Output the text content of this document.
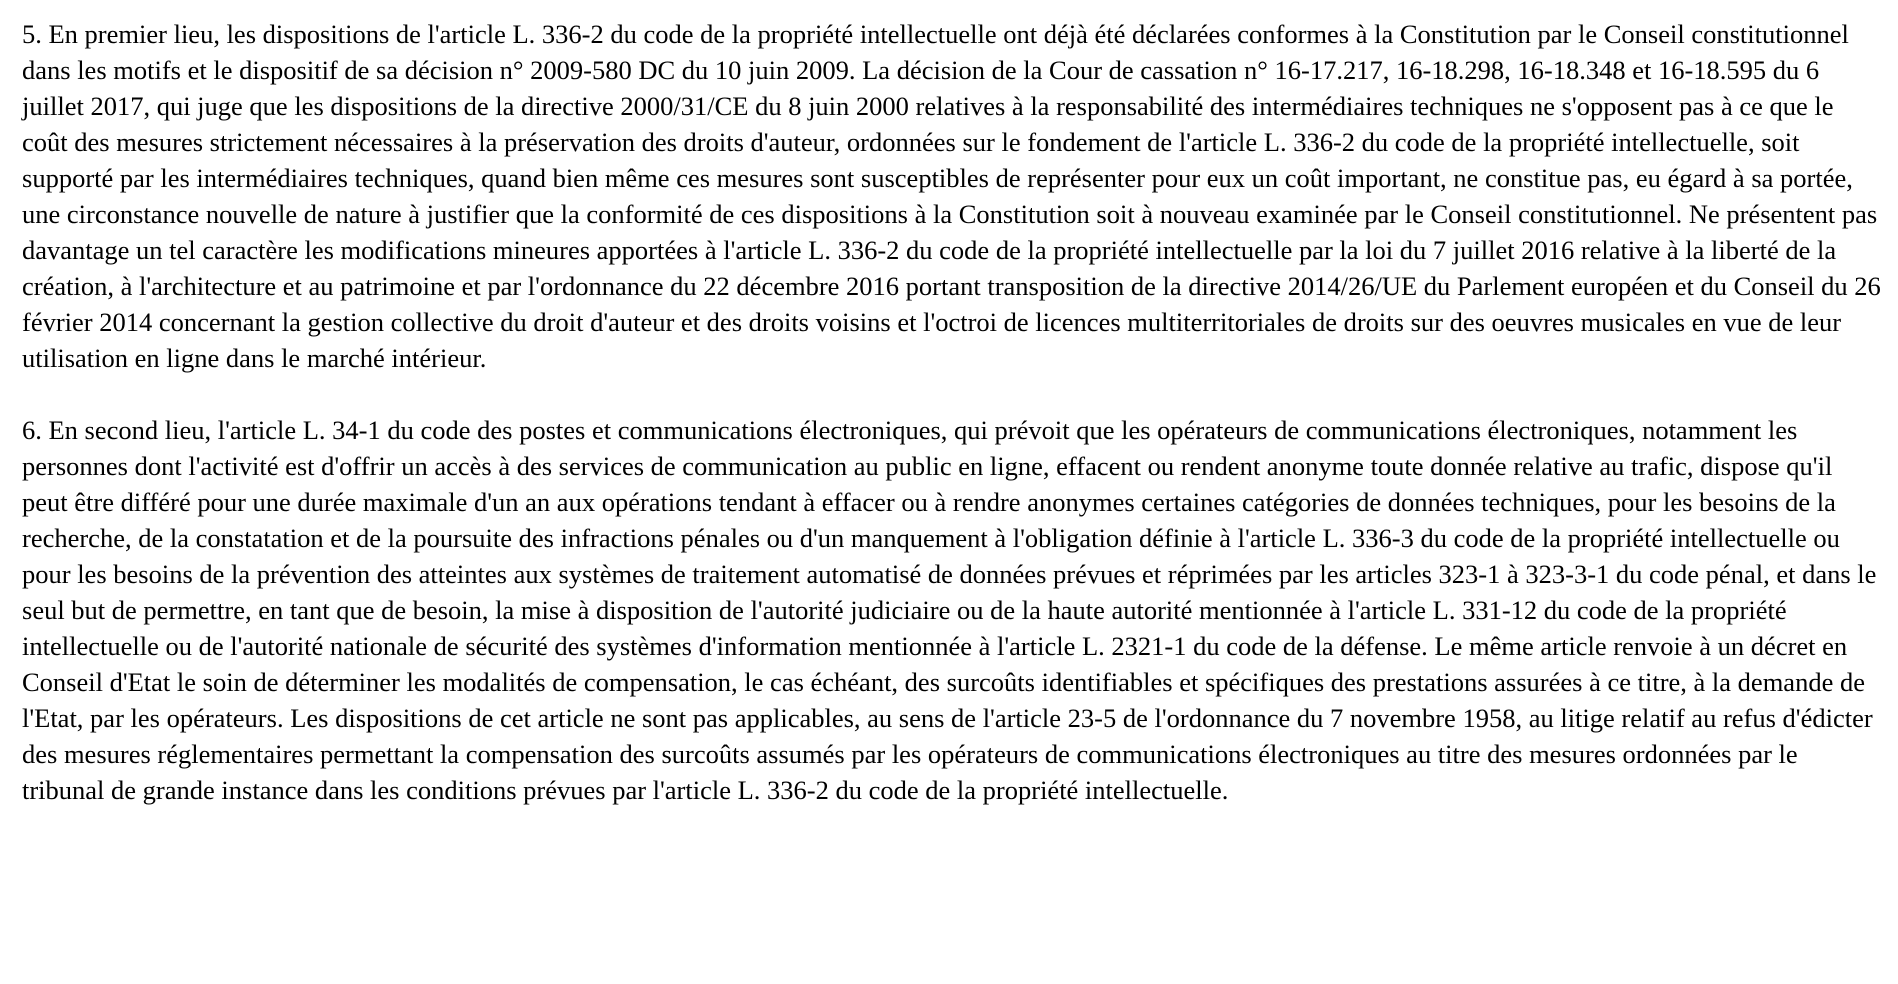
5. En premier lieu, les dispositions de l'article L. 336-2 du code de la propriété intellectuelle ont déjà été déclarées conformes à la Constitution par le Conseil constitutionnel dans les motifs et le dispositif de sa décision n° 2009-580 DC du 10 juin 2009. La décision de la Cour de cassation n° 16-17.217, 16-18.298, 16-18.348 et 16-18.595 du 6 juillet 2017, qui juge que les dispositions de la directive 2000/31/CE du 8 juin 2000 relatives à la responsabilité des intermédiaires techniques ne s'opposent pas à ce que le coût des mesures strictement nécessaires à la préservation des droits d'auteur, ordonnées sur le fondement de l'article L. 336-2 du code de la propriété intellectuelle, soit supporté par les intermédiaires techniques, quand bien même ces mesures sont susceptibles de représenter pour eux un coût important, ne constitue pas, eu égard à sa portée, une circonstance nouvelle de nature à justifier que la conformité de ces dispositions à la Constitution soit à nouveau examinée par le Conseil constitutionnel. Ne présentent pas davantage un tel caractère les modifications mineures apportées à l'article L. 336-2 du code de la propriété intellectuelle par la loi du 7 juillet 2016 relative à la liberté de la création, à l'architecture et au patrimoine et par l'ordonnance du 22 décembre 2016 portant transposition de la directive 2014/26/UE du Parlement européen et du Conseil du 26 février 2014 concernant la gestion collective du droit d'auteur et des droits voisins et l'octroi de licences multiterritoriales de droits sur des oeuvres musicales en vue de leur utilisation en ligne dans le marché intérieur.

6. En second lieu, l'article L. 34-1 du code des postes et communications électroniques, qui prévoit que les opérateurs de communications électroniques, notamment les personnes dont l'activité est d'offrir un accès à des services de communication au public en ligne, effacent ou rendent anonyme toute donnée relative au trafic, dispose qu'il peut être différé pour une durée maximale d'un an aux opérations tendant à effacer ou à rendre anonymes certaines catégories de données techniques, pour les besoins de la recherche, de la constatation et de la poursuite des infractions pénales ou d'un manquement à l'obligation définie à l'article L. 336-3 du code de la propriété intellectuelle ou pour les besoins de la prévention des atteintes aux systèmes de traitement automatisé de données prévues et réprimées par les articles 323-1 à 323-3-1 du code pénal, et dans le seul but de permettre, en tant que de besoin, la mise à disposition de l'autorité judiciaire ou de la haute autorité mentionnée à l'article L. 331-12 du code de la propriété intellectuelle ou de l'autorité nationale de sécurité des systèmes d'information mentionnée à l'article L. 2321-1 du code de la défense. Le même article renvoie à un décret en Conseil d'Etat le soin de déterminer les modalités de compensation, le cas échéant, des surcoûts identifiables et spécifiques des prestations assurées à ce titre, à la demande de l'Etat, par les opérateurs. Les dispositions de cet article ne sont pas applicables, au sens de l'article 23-5 de l'ordonnance du 7 novembre 1958, au litige relatif au refus d'édicter des mesures réglementaires permettant la compensation des surcoûts assumés par les opérateurs de communications électroniques au titre des mesures ordonnées par le tribunal de grande instance dans les conditions prévues par l'article L. 336-2 du code de la propriété intellectuelle.
